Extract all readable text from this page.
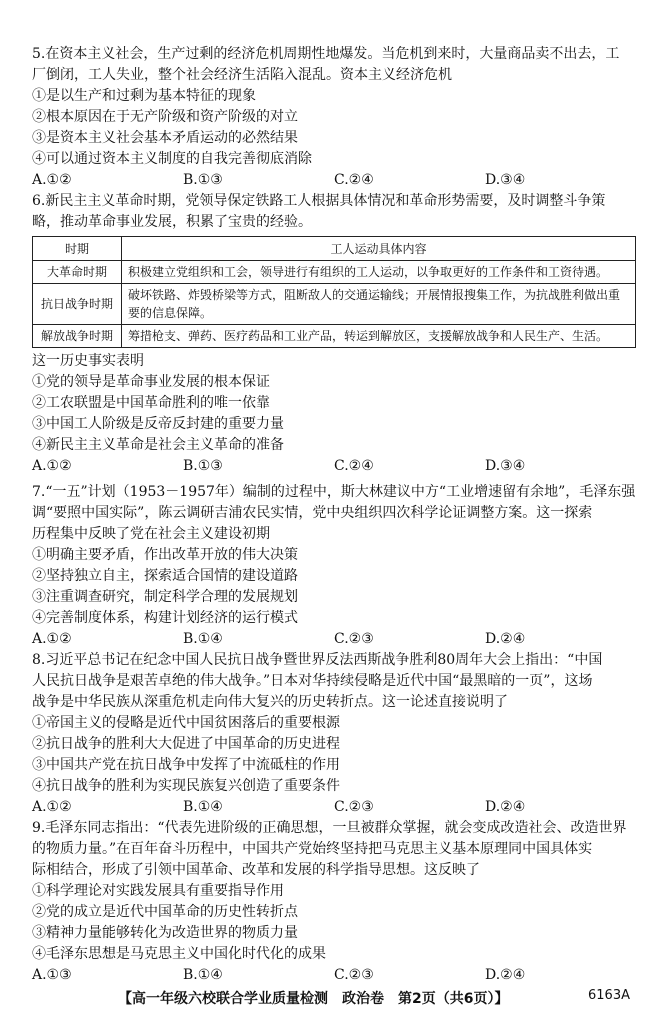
5.在资本主义社会，生产过剩的经济危机周期性地爆发。当危机到来时，大量商品卖不出去，工
厂倒闭，工人失业，整个社会经济生活陷入混乱。资本主义经济危机
①是以生产和过剩为基本特征的现象
②根本原因在于无产阶级和资产阶级的对立
③是资本主义社会基本矛盾运动的必然结果
④可以通过资本主义制度的自我完善彻底消除
A.①②	B.①③	C.②④	D.③④
6.新民主主义革命时期，党领导保定铁路工人根据具体情况和革命形势需要，及时调整斗争策
略，推动革命事业发展，积累了宝贵的经验。
时期	工人运动具体内容
大革命时期	积极建立党组织和工会，领导进行有组织的工人运动，以争取更好的工作条件和工资待遇。
抗日战争时期	破坏铁路、炸毁桥梁等方式，阻断敌人的交通运输线；开展情报搜集工作，为抗战胜利做出重要的信息保障。
解放战争时期	筹措枪支、弹药、医疗药品和工业产品，转运到解放区，支援解放战争和人民生产、生活。
这一历史事实表明
①党的领导是革命事业发展的根本保证
②工农联盟是中国革命胜利的唯一依靠
③中国工人阶级是反帝反封建的重要力量
④新民主主义革命是社会主义革命的准备
A.①②	B.①③	C.②④	D.③④
7.“一五”计划（1953－1957年）编制的过程中，斯大林建议中方“工业增速留有余地”，毛泽东强
调“要照中国实际”，陈云调研吉浦农民实情，党中央组织四次科学论证调整方案。这一探索
历程集中反映了党在社会主义建设初期
①明确主要矛盾，作出改革开放的伟大决策
②坚持独立自主，探索适合国情的建设道路
③注重调查研究，制定科学合理的发展规划
④完善制度体系，构建计划经济的运行模式
A.①②	B.①④	C.②③	D.②④
8.习近平总书记在纪念中国人民抗日战争暨世界反法西斯战争胜利80周年大会上指出：“中国
人民抗日战争是艰苦卓绝的伟大战争。”日本对华持续侵略是近代中国“最黑暗的一页”，这场
战争是中华民族从深重危机走向伟大复兴的历史转折点。这一论述直接说明了
①帝国主义的侵略是近代中国贫困落后的重要根源
②抗日战争的胜利大大促进了中国革命的历史进程
③中国共产党在抗日战争中发挥了中流砥柱的作用
④抗日战争的胜利为实现民族复兴创造了重要条件
A.①②	B.①④	C.②③	D.②④
9.毛泽东同志指出：“代表先进阶级的正确思想，一旦被群众掌握，就会变成改造社会、改造世界
的物质力量。”在百年奋斗历程中，中国共产党始终坚持把马克思主义基本原理同中国具体实
际相结合，形成了引领中国革命、改革和发展的科学指导思想。这反映了
①科学理论对实践发展具有重要指导作用
②党的成立是近代中国革命的历史性转折点
③精神力量能够转化为改造世界的物质力量
④毛泽东思想是马克思主义中国化时代化的成果
A.①③	B.①④	C.②③	D.②④
【高一年级六校联合学业质量检测　政治卷　第2页（共6页）】	6163A
